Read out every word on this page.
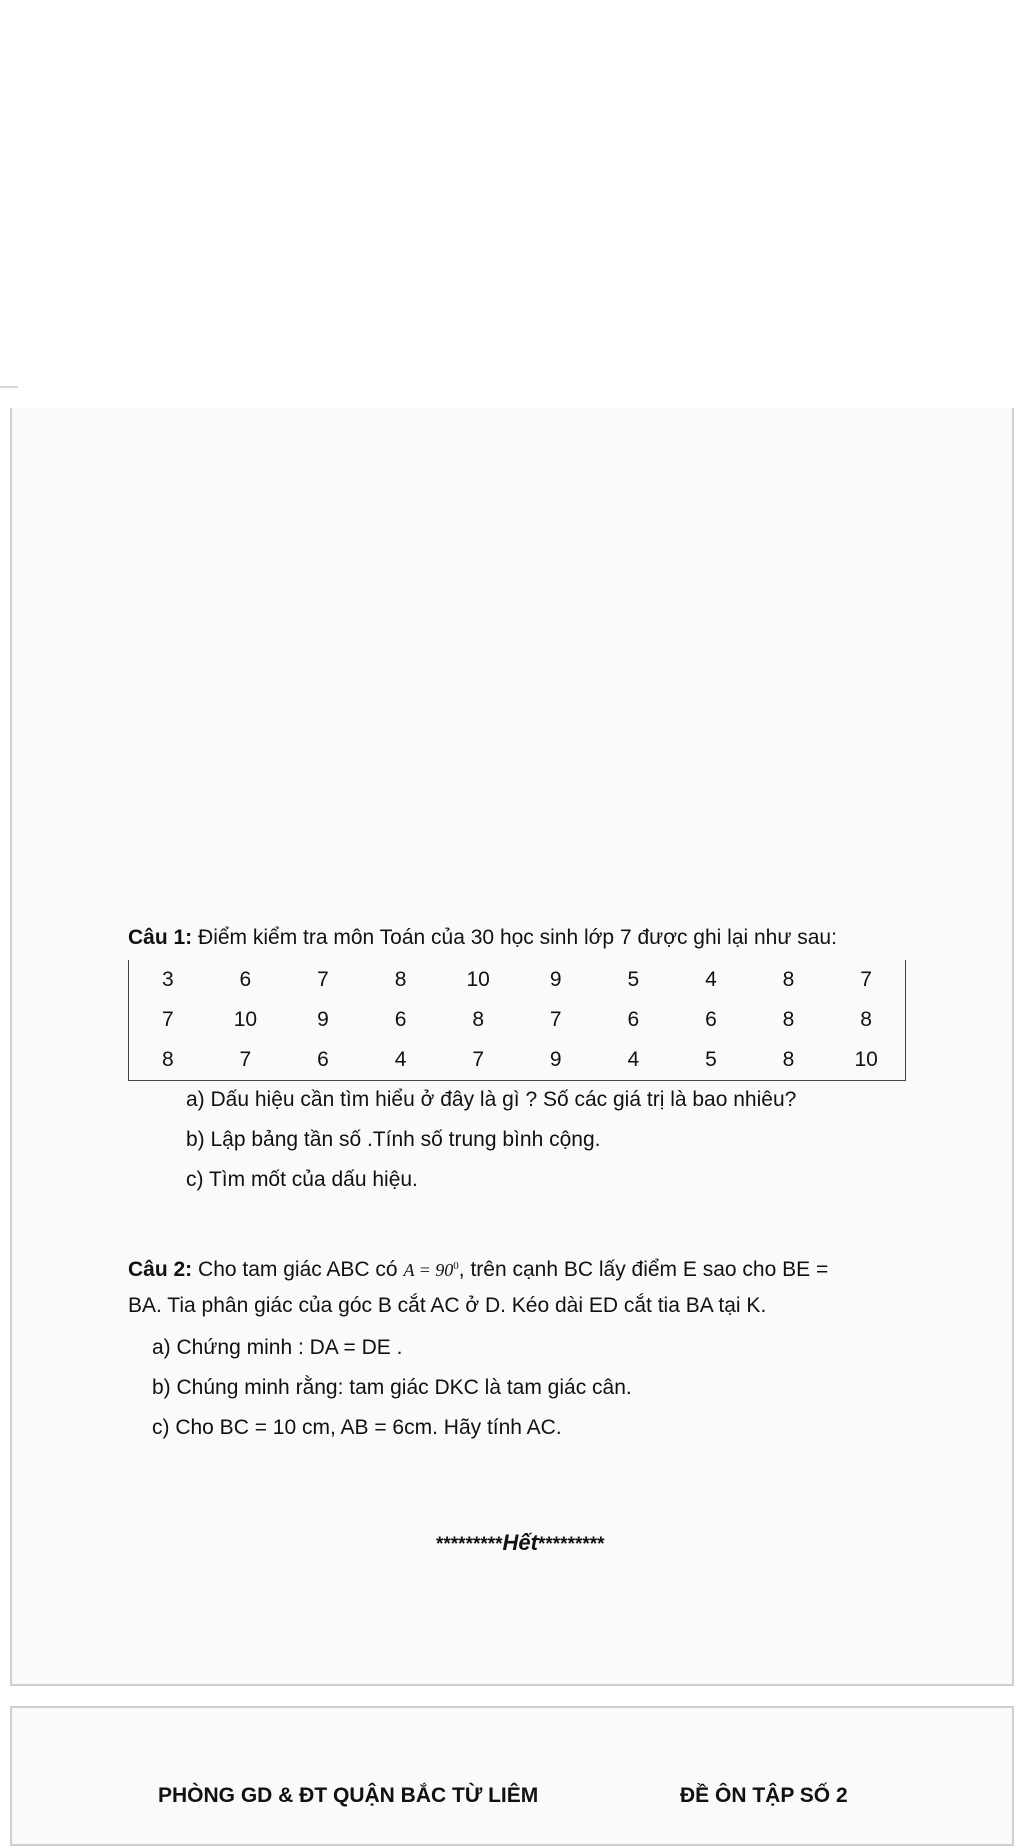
Câu 1: Điểm kiểm tra môn Toán của 30 học sinh lớp 7 được ghi lại như sau:
3	6	7	8	10	9	5	4	8	7
7	10	9	6	8	7	6	6	8	8
8	7	6	4	7	9	4	5	8	10
a) Dấu hiệu cần tìm hiểu ở đây là gì ? Số các giá trị là bao nhiêu?
b) Lập bảng tần số .Tính số trung bình cộng.
c) Tìm mốt của dấu hiệu.
Câu 2: Cho tam giác ABC có $A = 90^0$, trên cạnh BC lấy điểm E sao cho BE =
BA. Tia phân giác của góc B cắt AC ở D. Kéo dài ED cắt tia BA tại K.
a) Chứng minh : DA = DE .
b) Chúng minh rằng: tam giác DKC là tam giác cân.
c) Cho BC = 10 cm, AB = 6cm. Hãy tính AC.
*********Hết*********
PHÒNG GD & ĐT QUẬN BẮC TỪ LIÊM	ĐỀ ÔN TẬP SỐ 2
